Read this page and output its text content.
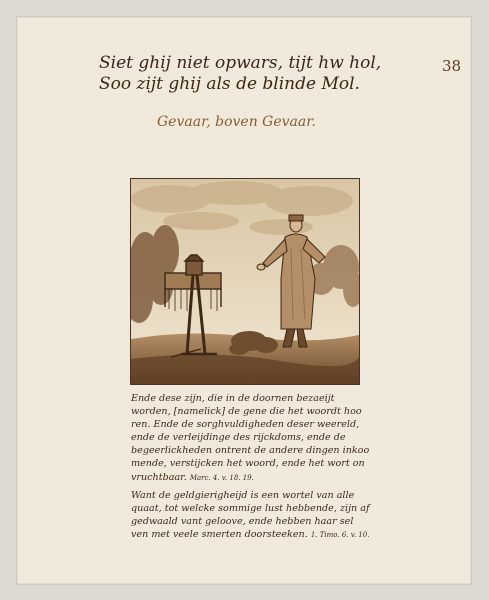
38
Siet ghij niet opwars, tijt hw hol,
Soo zijt ghij als de blinde Mol.
Gevaar, boven Gevaar.
Ende dese zijn, die in de doornen bezaeijt
worden, [namelick] de gene die het woordt hoo
ren. Ende de sorghvuldigheden deser weereld,
ende de verleijdinge des rijckdoms, ende de
begeerlickheden ontrent de andere dingen inkoo
mende, verstijcken het woord, ende het wort on
vruchtbaar. Marc. 4. v. 18. 19.
Want de geldgierigheijd is een wortel van alle
quaat, tot welcke sommige lust hebbende, zijn af
gedwaald vant geloove, ende hebben haar sel
ven met veele smerten doorsteeken. 1. Timo. 6. v. 10.
